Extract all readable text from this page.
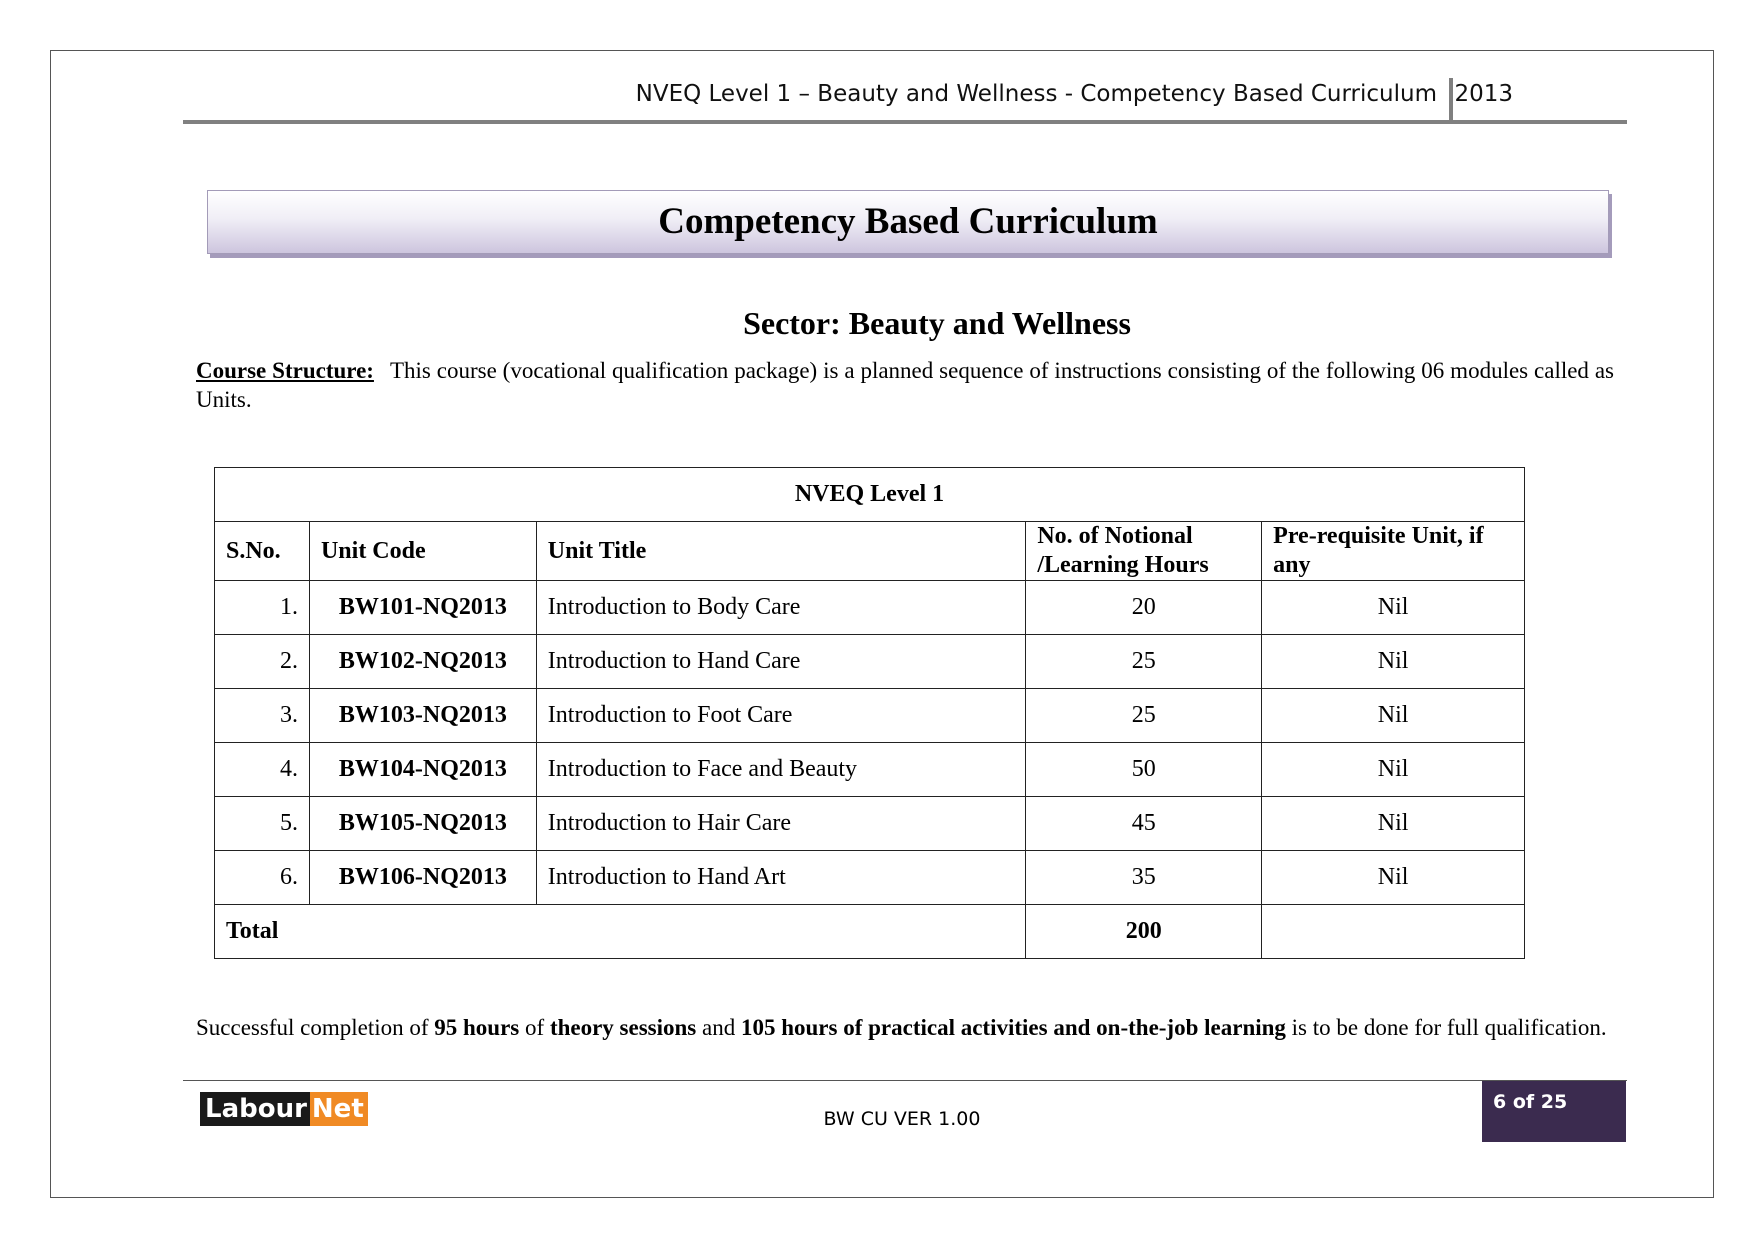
NVEQ Level 1 – Beauty and Wellness - Competency Based Curriculum 2013
Competency Based Curriculum
Sector: Beauty and Wellness
Course Structure: This course (vocational qualification package) is a planned sequence of instructions consisting of the following 06 modules called as Units.
NVEQ Level 1				
S.No.	Unit Code	Unit Title	No. of Notional /Learning Hours	Pre-requisite Unit, if any
1.	BW101-NQ2013	Introduction to Body Care	20	Nil
2.	BW102-NQ2013	Introduction to Hand Care	25	Nil
3.	BW103-NQ2013	Introduction to Foot Care	25	Nil
4.	BW104-NQ2013	Introduction to Face and Beauty	50	Nil
5.	BW105-NQ2013	Introduction to Hair Care	45	Nil
6.	BW106-NQ2013	Introduction to Hand Art	35	Nil
Total			200	
Successful completion of 95 hours of theory sessions and 105 hours of practical activities and on-the-job learning is to be done for full qualification.
Labour Net	BW CU VER 1.00
6 of 25
